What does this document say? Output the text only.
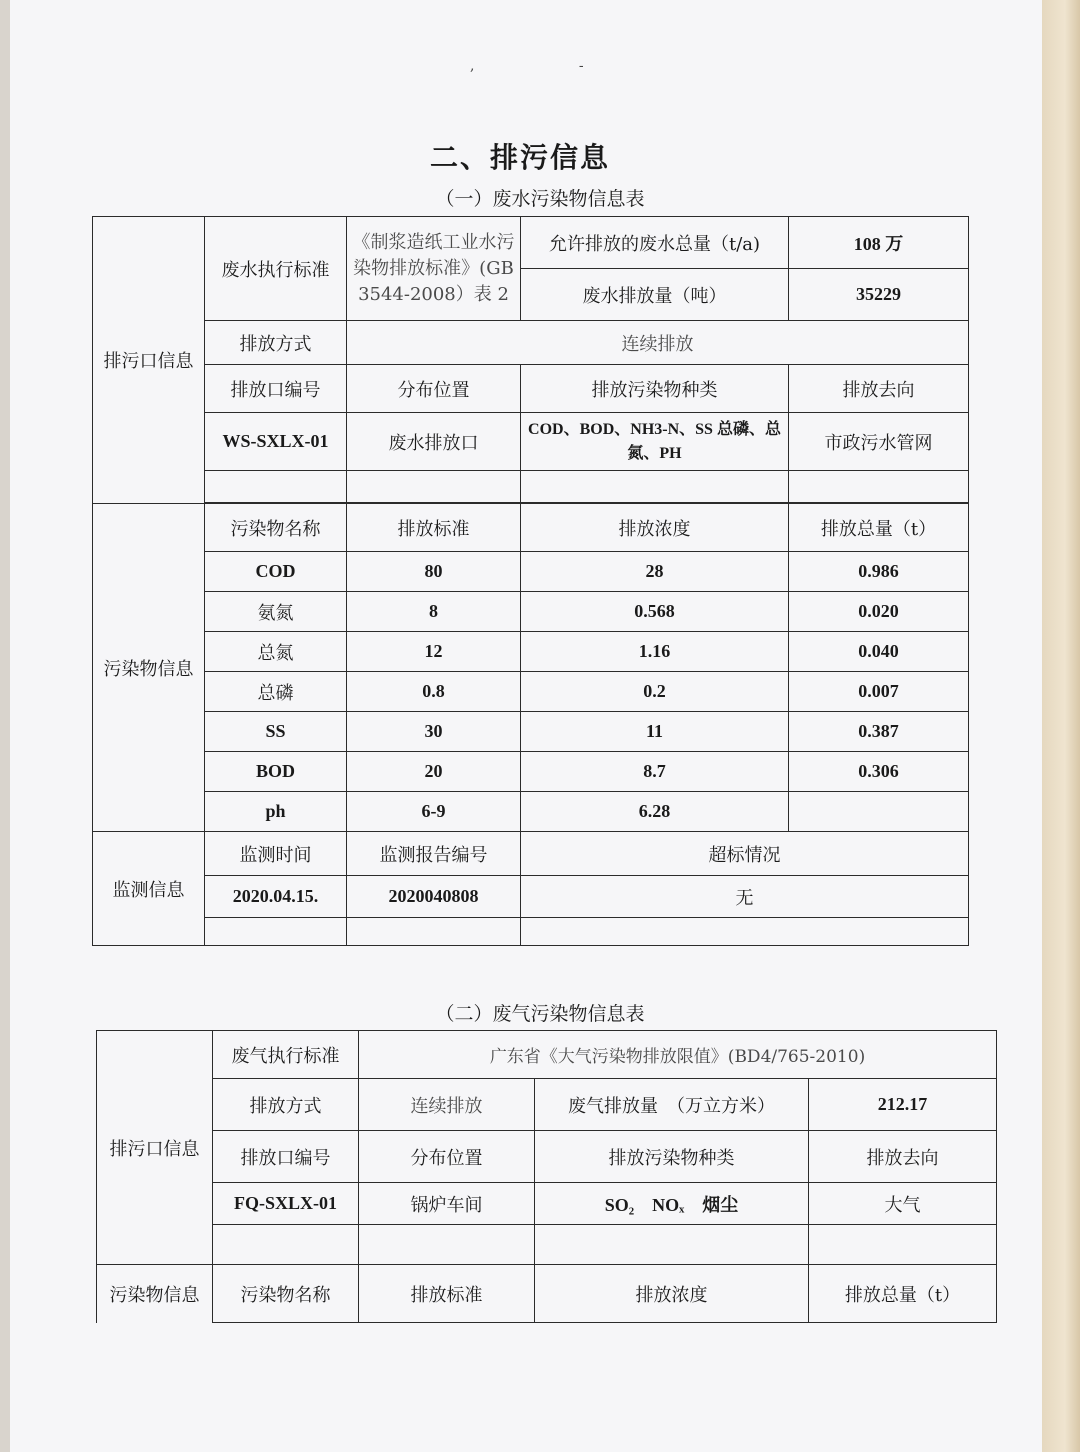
, -
二、排污信息
（一）废水污染物信息表
排污口信息	废水执行标准	《制浆造纸工业水污染物排放标准》(GB 3544-2008）表 2	允许排放的废水总量（t/a)	108 万
			废水排放量（吨）	35229
	排放方式	连续排放		
	排放口编号	分布位置	排放污染物种类	排放去向
	WS-SXLX-01	废水排放口	COD、BOD、NH3-N、SS 总磷、总氮、PH	市政污水管网

污染物信息	污染物名称	排放标准	排放浓度	排放总量（t）
	COD	80	28	0.986
	氨氮	8	0.568	0.020
	总氮	12	1.16	0.040
	总磷	0.8	0.2	0.007
	SS	30	11	0.387
	BOD	20	8.7	0.306
	ph	6-9	6.28	
监测信息	监测时间	监测报告编号	超标情况	
	2020.04.15.	2020040808	无	

（二）废气污染物信息表
排污口信息	废气执行标准	广东省《大气污染物排放限值》(BD4/765-2010)		
	排放方式	连续排放	废气排放量　（万立方米）	212.17
	排放口编号	分布位置	排放污染物种类	排放去向
	FQ-SXLX-01	锅炉车间	SO₂　NOₓ　烟尘	大气

污染物信息	污染物名称	排放标准	排放浓度	排放总量（t）
